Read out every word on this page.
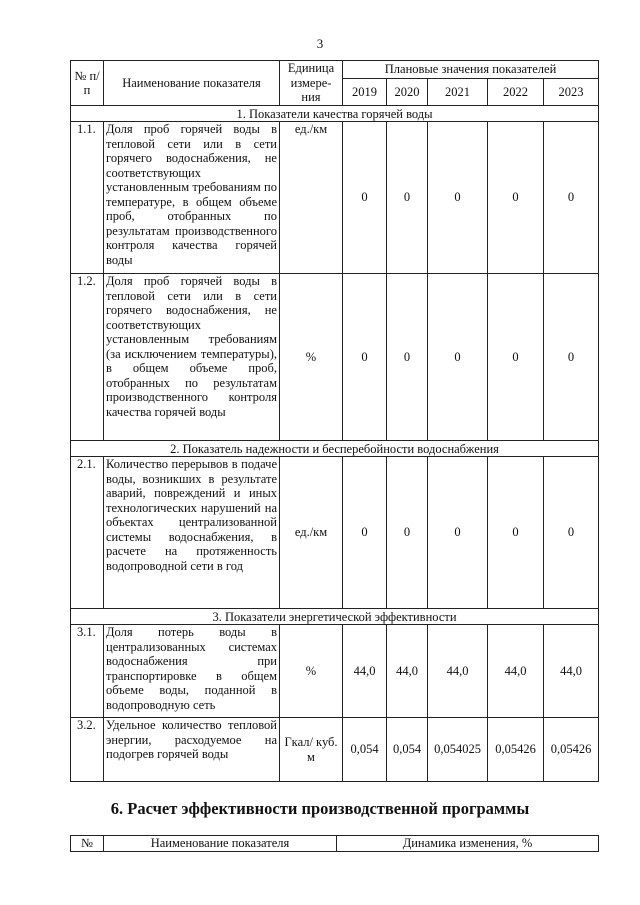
3
№ п/п	Наименование показателя	Единица измере-ния	Плановые значения показателей				
			2019	2020	2021	2022	2023
1. Показатели качества горячей воды							
1.1.	Доля проб горячей воды в тепловой сети или в сети горячего водоснабжения, не соответствующих установленным требованиям по температуре, в общем объеме проб, отобранных по результатам производственного контроля качества горячей воды	ед./км	0	0	0	0	0
1.2.	Доля проб горячей воды в тепловой сети или в сети горячего водоснабжения, не соответствующих установленным требованиям (за исключением температуры), в общем объеме проб, отобранных по результатам производственного контроля качества горячей воды	%	0	0	0	0	0
2. Показатель надежности и бесперебойности водоснабжения							
2.1.	Количество перерывов в подаче воды, возникших в результате аварий, повреждений и иных технологических нарушений на объектах централизованной системы водоснабжения, в расчете на протяженность водопроводной сети в год	ед./км	0	0	0	0	0
3. Показатели энергетической эффективности							
3.1.	Доля потерь воды в централизованных системах водоснабжения при транспортировке в общем объеме воды, поданной в водопроводную сеть	%	44,0	44,0	44,0	44,0	44,0
3.2.	Удельное количество тепловой энергии, расходуемое на подогрев горячей воды	Гкал/ куб. м	0,054	0,054	0,054025	0,05426	0,05426
6. Расчет эффективности производственной программы
№	Наименование показателя	Динамика изменения, %
